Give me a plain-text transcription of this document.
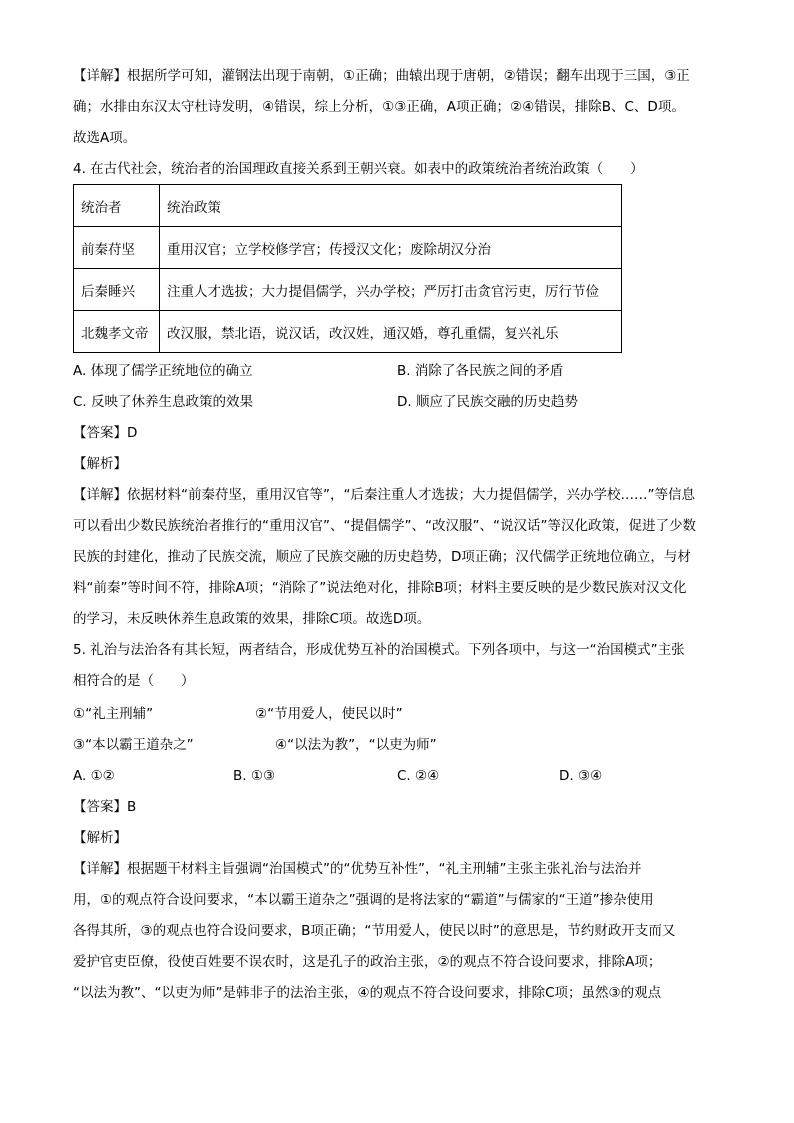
【详解】根据所学可知，灌钢法出现于南朝，①正确；曲辕出现于唐朝，②错误；翻车出现于三国，③正
确；水排由东汉太守杜诗发明，④错误，综上分析，①③正确，A项正确；②④错误，排除B、C、D项。
故选A项。
4. 在古代社会，统治者的治国理政直接关系到王朝兴衰。如表中的政策统治者统治政策（　　）
统治者	统治政策
前秦苻坚	重用汉官；立学校修学宫；传授汉文化；废除胡汉分治
后秦睡兴	注重人才选拔；大力提倡儒学，兴办学校；严厉打击贪官污吏，厉行节俭
北魏孝文帝	改汉服，禁北语，说汉话，改汉姓，通汉婚，尊孔重儒，复兴礼乐
A. 体现了儒学正统地位的确立	B. 消除了各民族之间的矛盾
C. 反映了休养生息政策的效果	D. 顺应了民族交融的历史趋势
【答案】D
【解析】
【详解】依据材料“前秦苻坚，重用汉官等”，“后秦注重人才选拔；大力提倡儒学，兴办学校……”等信息
可以看出少数民族统治者推行的“重用汉官”、“提倡儒学”、“改汉服”、“说汉话”等汉化政策，促进了少数
民族的封建化，推动了民族交流，顺应了民族交融的历史趋势，D项正确；汉代儒学正统地位确立，与材
料“前秦”等时间不符，排除A项；“消除了”说法绝对化，排除B项；材料主要反映的是少数民族对汉文化
的学习，未反映休养生息政策的效果，排除C项。故选D项。
5. 礼治与法治各有其长短，两者结合，形成优势互补的治国模式。下列各项中，与这一“治国模式”主张
相符合的是（　　）
①“礼主刑辅”	②“节用爱人，使民以时”
③“本以霸王道杂之”	④“以法为教”，“以吏为师”
A. ①②	B. ①③	C. ②④	D. ③④
【答案】B
【解析】
【详解】根据题干材料主旨强调“治国模式”的“优势互补性”，“礼主刑辅”主张主张礼治与法治并
用，①的观点符合设问要求，“本以霸王道杂之”强调的是将法家的“霸道”与儒家的“王道”掺杂使用
各得其所，③的观点也符合设问要求，B项正确；“节用爱人，使民以时”的意思是，节约财政开支而又
爱护官吏臣僚，役使百姓要不误农时，这是孔子的政治主张，②的观点不符合设问要求，排除A项；
“以法为教”、“以吏为师”是韩非子的法治主张，④的观点不符合设问要求，排除C项；虽然③的观点
